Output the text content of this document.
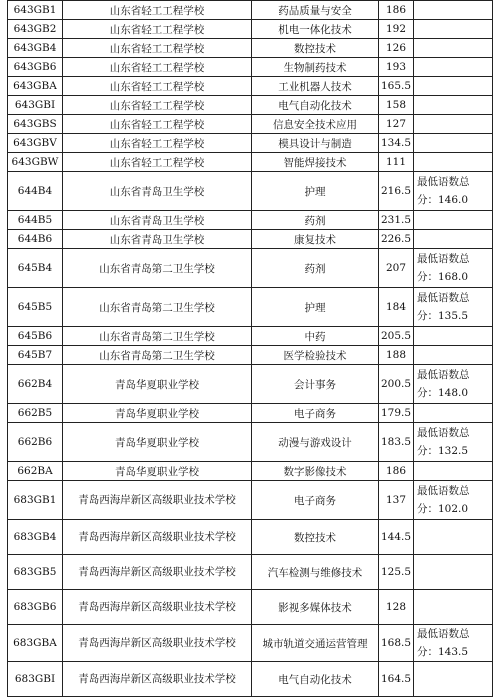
643GB1	山东省轻工工程学校	药品质量与安全	186	
643GB2	山东省轻工工程学校	机电一体化技术	192	
643GB4	山东省轻工工程学校	数控技术	126	
643GB6	山东省轻工工程学校	生物制药技术	193	
643GBA	山东省轻工工程学校	工业机器人技术	165.5	
643GBI	山东省轻工工程学校	电气自动化技术	158	
643GBS	山东省轻工工程学校	信息安全技术应用	127	
643GBV	山东省轻工工程学校	模具设计与制造	134.5	
643GBW	山东省轻工工程学校	智能焊接技术	111	
644B4	山东省青岛卫生学校	护理	216.5	最低语数总分：146.0
644B5	山东省青岛卫生学校	药剂	231.5	
644B6	山东省青岛卫生学校	康复技术	226.5	
645B4	山东省青岛第二卫生学校	药剂	207	最低语数总分：168.0
645B5	山东省青岛第二卫生学校	护理	184	最低语数总分：135.5
645B6	山东省青岛第二卫生学校	中药	205.5	
645B7	山东省青岛第二卫生学校	医学检验技术	188	
662B4	青岛华夏职业学校	会计事务	200.5	最低语数总分：148.0
662B5	青岛华夏职业学校	电子商务	179.5	
662B6	青岛华夏职业学校	动漫与游戏设计	183.5	最低语数总分：132.5
662BA	青岛华夏职业学校	数字影像技术	186	
683GB1	青岛西海岸新区高级职业技术学校	电子商务	137	最低语数总分：102.0
683GB4	青岛西海岸新区高级职业技术学校	数控技术	144.5	
683GB5	青岛西海岸新区高级职业技术学校	汽车检测与维修技术	125.5	
683GB6	青岛西海岸新区高级职业技术学校	影视多媒体技术	128	
683GBA	青岛西海岸新区高级职业技术学校	城市轨道交通运营管理	168.5	最低语数总分：143.5
683GBI	青岛西海岸新区高级职业技术学校	电气自动化技术	164.5	
